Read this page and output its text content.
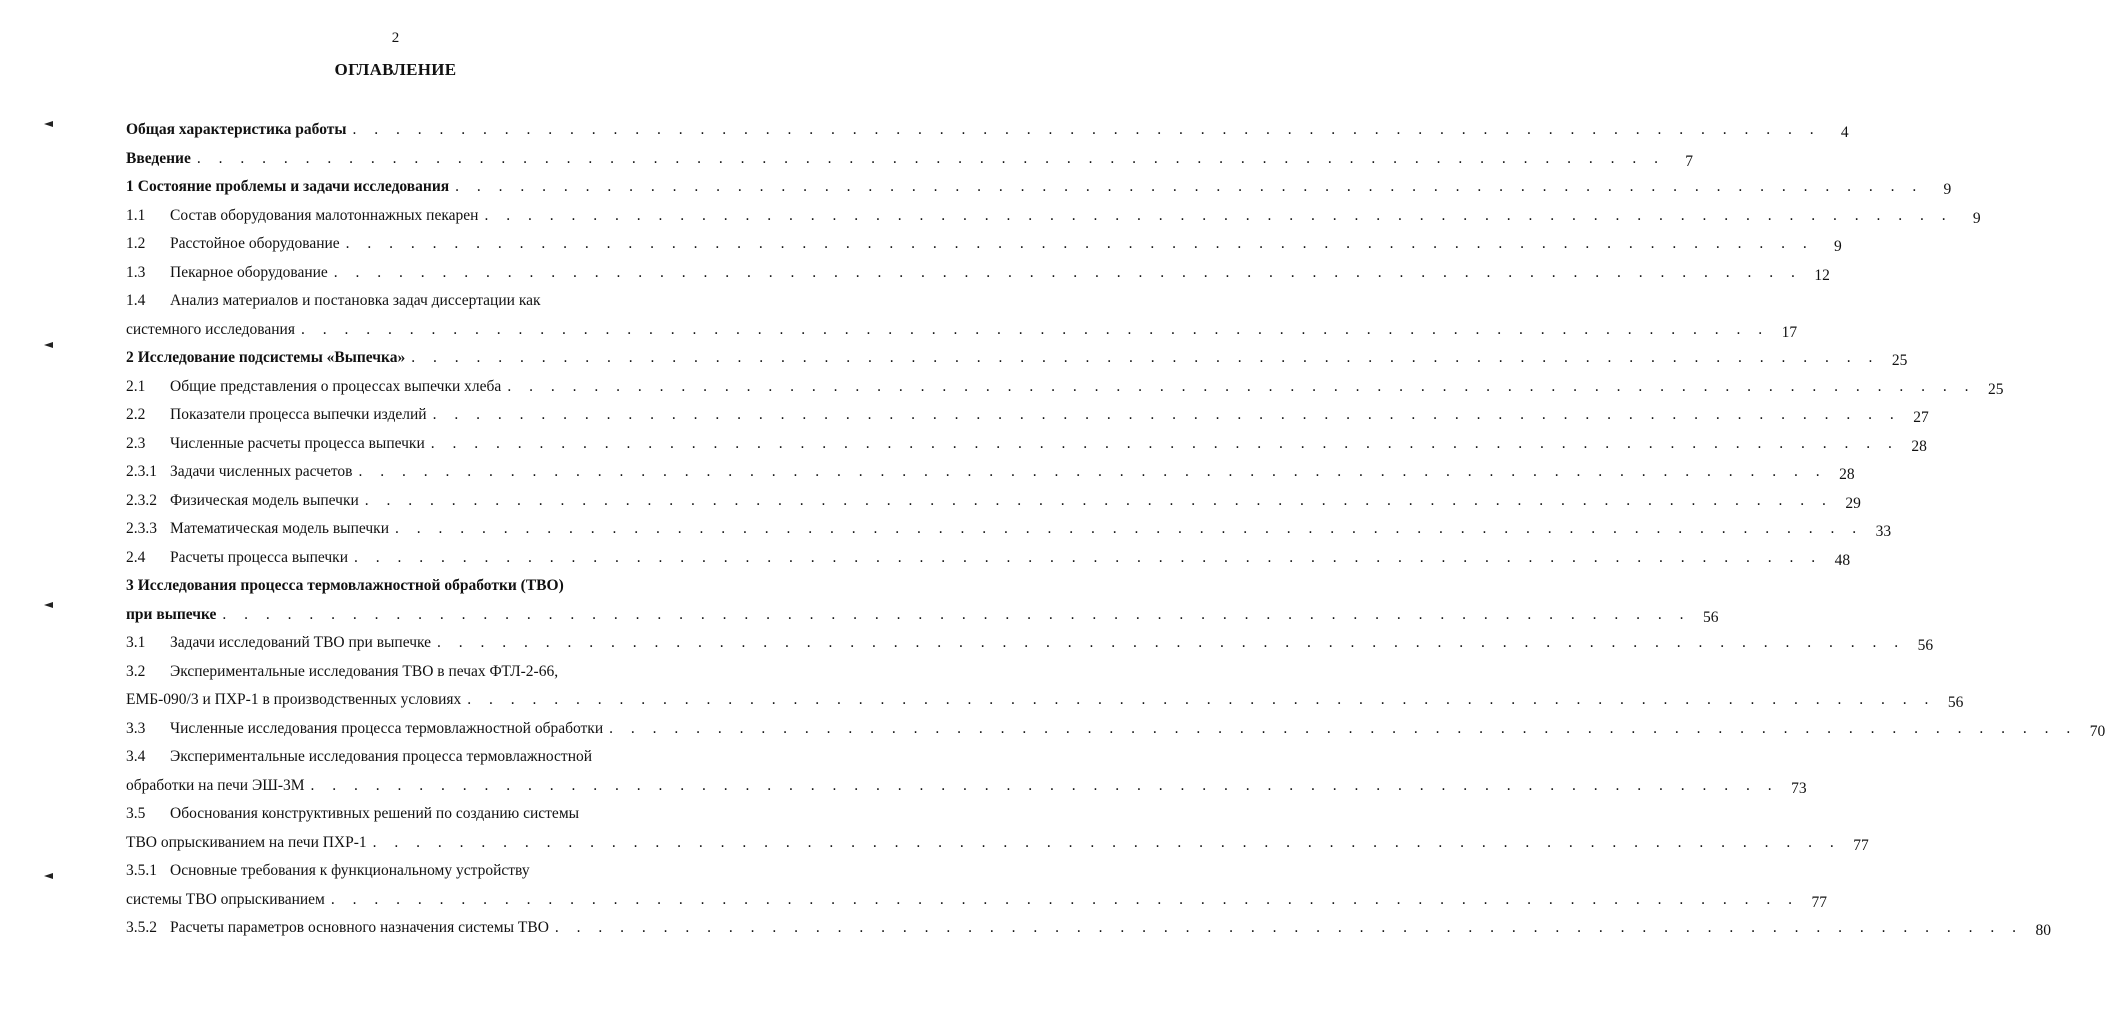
2
ОГЛАВЛЕНИЕ
Общая характеристика работы . . .	4
Введение . . .	7
1 Состояние проблемы и задачи исследования . . .	9
1.1	Состав оборудования малотоннажных пекарен . . .	9
1.2	Расстойное оборудование . . .	9
1.3	Пекарное оборудование . . .	12
1.4	Анализ материалов и постановка задач диссертации как
системного исследования . . .	17
2 Исследование подсистемы «Выпечка» . . .	25
2.1	Общие представления о процессах выпечки хлеба . . .	25
2.2	Показатели процесса выпечки изделий . . .	27
2.3	Численные расчеты процесса выпечки . . .	28
2.3.1 Задачи численных расчетов . . .	28
2.3.2 Физическая модель выпечки . . .	29
2.3.3 Математическая модель выпечки . . .	33
2.4	Расчеты процесса выпечки . . .	48
3 Исследования процесса термовлажностной обработки (ТВО)
при выпечке . . .	56
3.1	Задачи исследований ТВО при выпечке . . .	56
3.2	Экспериментальные исследования ТВО в печах ФТЛ-2-66,
ЕМБ-090/3 и ПХР-1 в производственных условиях . . .	56
3.3	Численные исследования процесса термовлажностной обработки . . .	70
3.4	Экспериментальные исследования процесса термовлажностной
обработки на печи ЭШ-3М . . .	73
3.5	Обоснования конструктивных решений по созданию системы
ТВО опрыскиванием на печи ПХР-1 . . .	77
3.5.1 Основные требования к функциональному устройству
системы ТВО опрыскиванием . . .	77
3.5.2 Расчеты параметров основного назначения системы ТВО . . .	80
